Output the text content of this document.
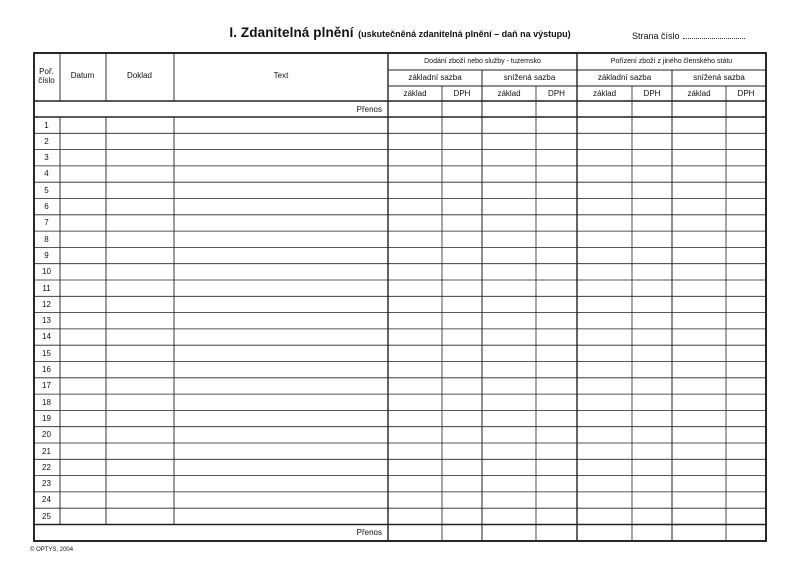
I. Zdanitelná plnění (uskutečněná zdanitelná plnění – daň na výstupu)	Strana číslo
Poř. číslo
Datum	Doklad	Text
Dodání zboží nebo služby - tuzemsko
základní sazba	snížená sazba
základ	DPH	základ	DPH
Pořízení zboží z jiného členského státu
základní sazba	snížená sazba
základ	DPH	základ	DPH
Přenos
1
2
3
4
5
6
7
8
9
10
11
12
13
14
15
16
17
18
19
20
21
22
23
24
25
Přenos
© OPTYS, 2004
